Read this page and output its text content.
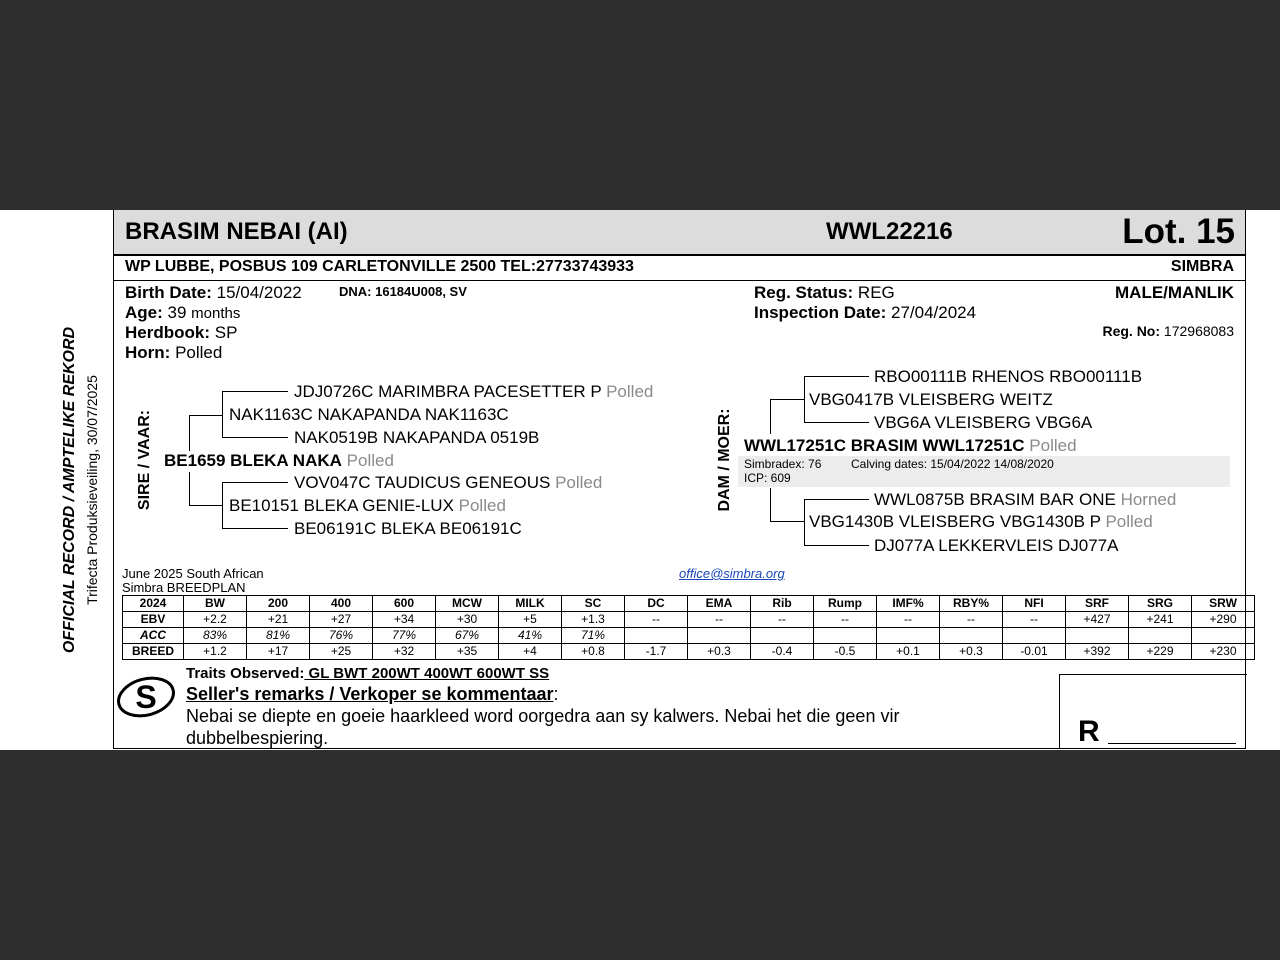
OFFICIAL RECORD / AMPTELIKE REKORD Trifecta Produksieveiling, 30/07/2025
BRASIM NEBAI (AI)	WWL22216	Lot. 15
WP LUBBE, POSBUS 109 CARLETONVILLE 2500 TEL:27733743933	SIMBRA
Birth Date: 15/04/2022	DNA: 16184U008, SV
Age: 39 months
Herdbook: SP
Horn: Polled
Reg. Status: REG	MALE/MANLIK
Inspection Date: 27/04/2024
Reg. No: 172968083
SIRE / VAAR:
JDJ0726C MARIMBRA PACESETTER P Polled
NAK1163C NAKAPANDA NAK1163C
NAK0519B NAKAPANDA 0519B
BE1659 BLEKA NAKA Polled
VOV047C TAUDICUS GENEOUS Polled
BE10151 BLEKA GENIE-LUX Polled
BE06191C BLEKA BE06191C
DAM / MOER:
RBO00111B RHENOS RBO00111B
VBG0417B VLEISBERG WEITZ
VBG6A VLEISBERG VBG6A
WWL17251C BRASIM WWL17251C Polled
Simbradex: 76 Calving dates: 15/04/2022 14/08/2020
ICP: 609
WWL0875B BRASIM BAR ONE Horned
VBG1430B VLEISBERG VBG1430B P Polled
DJ077A LEKKERVLEIS DJ077A
June 2025 South African
Simbra BREEDPLAN
office@simbra.org
2024	BW	200	400	600	MCW	MILK	SC	DC	EMA	Rib	Rump	IMF%	RBY%	NFI	SRF	SRG	SRW
EBV	+2.2	+21	+27	+34	+30	+5	+1.3	--	--	--	--	--	--	--	+427	+241	+290
ACC	83%	81%	76%	77%	67%	41%	71%										
BREED	+1.2	+17	+25	+32	+35	+4	+0.8	-1.7	+0.3	-0.4	-0.5	+0.1	+0.3	-0.01	+392	+229	+230
Traits Observed: GL BWT 200WT 400WT 600WT SS
S Seller's remarks / Verkoper se kommentaar:
Nebai se diepte en goeie haarkleed word oorgedra aan sy kalwers. Nebai het die geen vir
dubbelbespiering.	R
